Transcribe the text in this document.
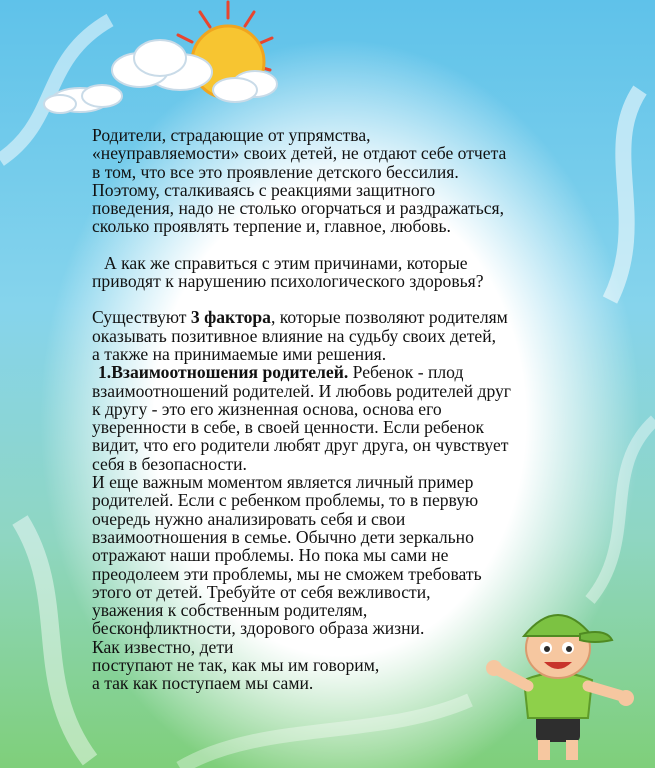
Родители, страдающие от упрямства,

«неуправляемости» своих детей, не отдают себе отчета

в том, что все это проявление детского бессилия.

Поэтому, сталкиваясь с реакциями защитного

поведения, надо не столько огорчаться и раздражаться,

сколько проявлять терпение и, главное, любовь.

А как же справиться с этим причинами, которые

приводят к нарушению психологического здоровья?

Существуют 3 фактора, которые позволяют родителям

оказывать позитивное влияние на судьбу своих детей,

а также на принимаемые ими решения.

1.Взаимоотношения родителей. Ребенок - плод

взаимоотношений родителей. И любовь родителей друг

к другу - это его жизненная основа, основа его

уверенности в себе, в своей ценности. Если ребенок

видит, что его родители любят друг друга, он чувствует

себя в безопасности.

И еще важным моментом является личный пример

родителей. Если с ребенком проблемы, то в первую

очередь нужно анализировать себя и свои

взаимоотношения в семье. Обычно дети зеркально

отражают наши проблемы. Но пока мы сами не

преодолеем эти проблемы, мы не сможем требовать

этого от детей. Требуйте от себя вежливости,

уважения к собственным родителям,

бесконфликтности, здорового образа жизни.

Как известно, дети

поступают не так, как мы им говорим,

а так как поступаем мы сами.
